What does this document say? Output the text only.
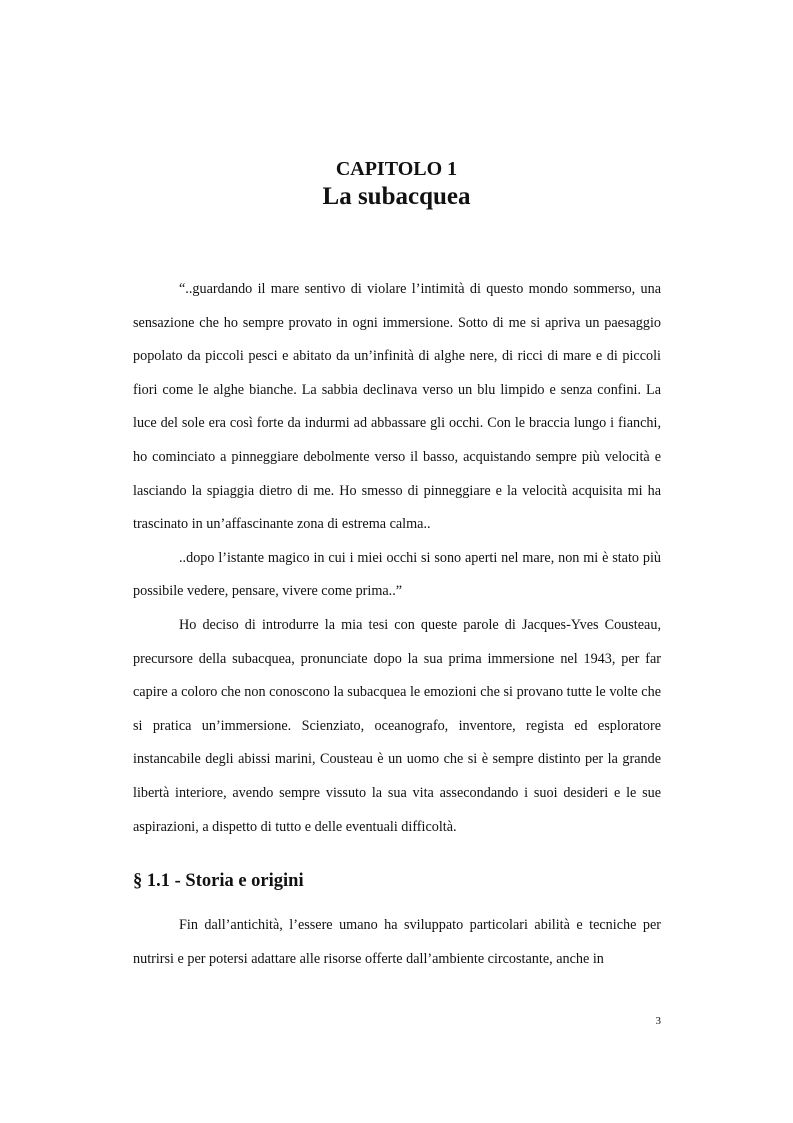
CAPITOLO 1
La subacquea

“..guardando il mare sentivo di violare l’intimità di questo mondo sommerso, una sensazione che ho sempre provato in ogni immersione. Sotto di me si apriva un paesaggio popolato da piccoli pesci e abitato da un’infinità di alghe nere, di ricci di mare e di piccoli fiori come le alghe bianche. La sabbia declinava verso un blu limpido e senza confini. La luce del sole era così forte da indurmi ad abbassare gli occhi. Con le braccia lungo i fianchi, ho cominciato a pinneggiare debolmente verso il basso, acquistando sempre più velocità e lasciando la spiaggia dietro di me. Ho smesso di pinneggiare e la velocità acquisita mi ha trascinato in un’affascinante zona di estrema calma..

..dopo l’istante magico in cui i miei occhi si sono aperti nel mare, non mi è stato più possibile vedere, pensare, vivere come prima..”

Ho deciso di introdurre la mia tesi con queste parole di Jacques-Yves Cousteau, precursore della subacquea, pronunciate dopo la sua prima immersione nel 1943, per far capire a coloro che non conoscono la subacquea le emozioni che si provano tutte le volte che si pratica un’immersione. Scienziato, oceanografo, inventore, regista ed esploratore instancabile degli abissi marini, Cousteau è un uomo che si è sempre distinto per la grande libertà interiore, avendo sempre vissuto la sua vita assecondando i suoi desideri e le sue aspirazioni, a dispetto di tutto e delle eventuali difficoltà.

§ 1.1 - Storia e origini

Fin dall’antichità, l’essere umano ha sviluppato particolari abilità e tecniche per nutrirsi e per potersi adattare alle risorse offerte dall’ambiente circostante, anche in

3
